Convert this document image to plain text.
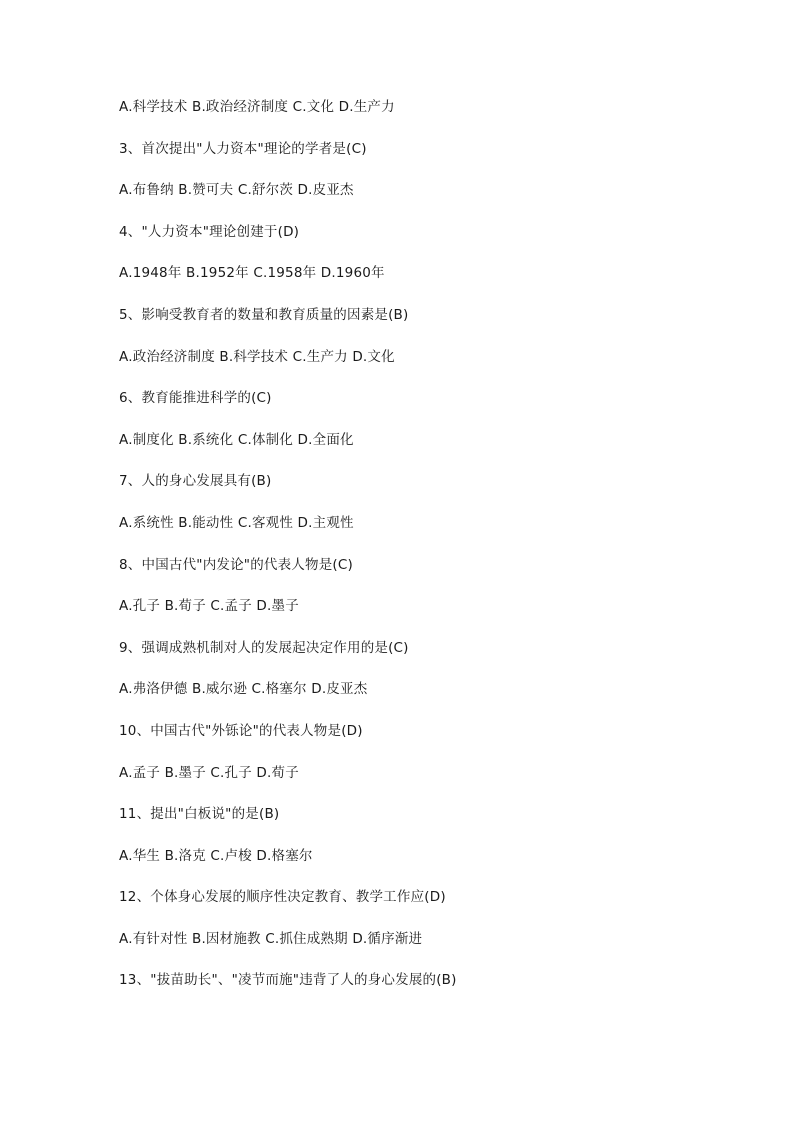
A.科学技术 B.政治经济制度 C.文化 D.生产力
3、首次提出"人力资本"理论的学者是(C)
A.布鲁纳 B.赞可夫 C.舒尔茨 D.皮亚杰
4、"人力资本"理论创建于(D)
A.1948年 B.1952年 C.1958年 D.1960年
5、影响受教育者的数量和教育质量的因素是(B)
A.政治经济制度 B.科学技术 C.生产力 D.文化
6、教育能推进科学的(C)
A.制度化 B.系统化 C.体制化 D.全面化
7、人的身心发展具有(B)
A.系统性 B.能动性 C.客观性 D.主观性
8、中国古代"内发论"的代表人物是(C)
A.孔子 B.荀子 C.孟子 D.墨子
9、强调成熟机制对人的发展起决定作用的是(C)
A.弗洛伊德 B.威尔逊 C.格塞尔 D.皮亚杰
10、中国古代"外铄论"的代表人物是(D)
A.孟子 B.墨子 C.孔子 D.荀子
11、提出"白板说"的是(B)
A.华生 B.洛克 C.卢梭 D.格塞尔
12、个体身心发展的顺序性决定教育、教学工作应(D)
A.有针对性 B.因材施教 C.抓住成熟期 D.循序渐进
13、"拔苗助长"、"凌节而施"违背了人的身心发展的(B)
